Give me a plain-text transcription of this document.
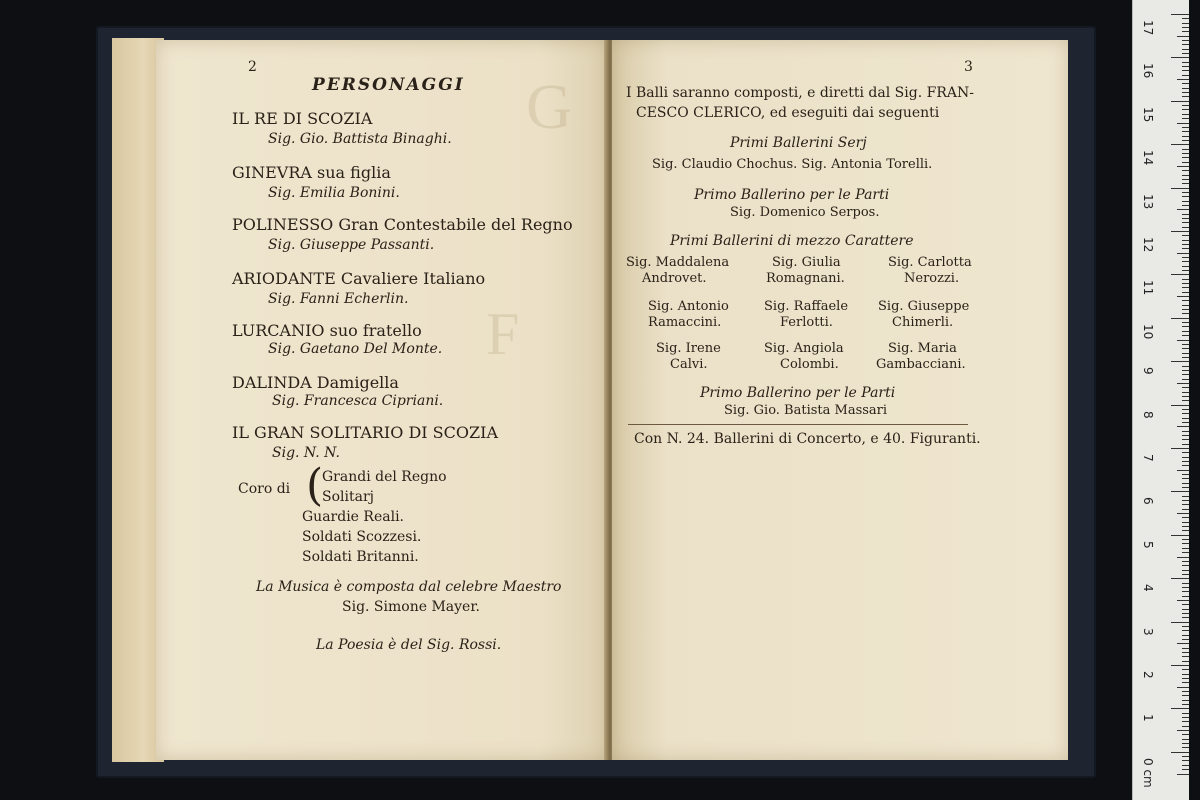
G
F
2
PERSONAGGI
IL RE DI SCOZIA
Sig. Gio. Battista Binaghi.
GINEVRA sua figlia
Sig. Emilia Bonini.
POLINESSO Gran Contestabile del Regno
Sig. Giuseppe Passanti.
ARIODANTE Cavaliere Italiano
Sig. Fanni Echerlin.
LURCANIO suo fratello
Sig. Gaetano Del Monte.
DALINDA Damigella
Sig. Francesca Cipriani.
IL GRAN SOLITARIO DI SCOZIA
Sig. N. N.
Coro di (
Grandi del Regno
Solitarj
Guardie Reali.
Soldati Scozzesi.
Soldati Britanni.
La Musica è composta dal celebre Maestro
Sig. Simone Mayer.
La Poesia è del Sig. Rossi.
3
I Balli saranno composti, e diretti dal Sig. FRAN-
CESCO CLERICO, ed eseguiti dai seguenti
Primi Ballerini Serj
Sig. Claudio Chochus. Sig. Antonia Torelli.
Primo Ballerino per le Parti
Sig. Domenico Serpos.
Primi Ballerini di mezzo Carattere
Sig. Maddalena
Androvet.
Sig. Giulia
Romagnani.
Sig. Carlotta
Nerozzi.
Sig. Antonio
Ramaccini.
Sig. Raffaele
Ferlotti.
Sig. Giuseppe
Chimerli.
Sig. Irene
Calvi.
Sig. Angiola
Colombi.
Sig. Maria
Gambacciani.
Primo Ballerino per le Parti
Sig. Gio. Batista Massari
Con N. 24. Ballerini di Concerto, e 40. Figuranti.

17
16
15
14
13
12
11
10
9
8
7
6
5
4
3
2
1
0 cm
